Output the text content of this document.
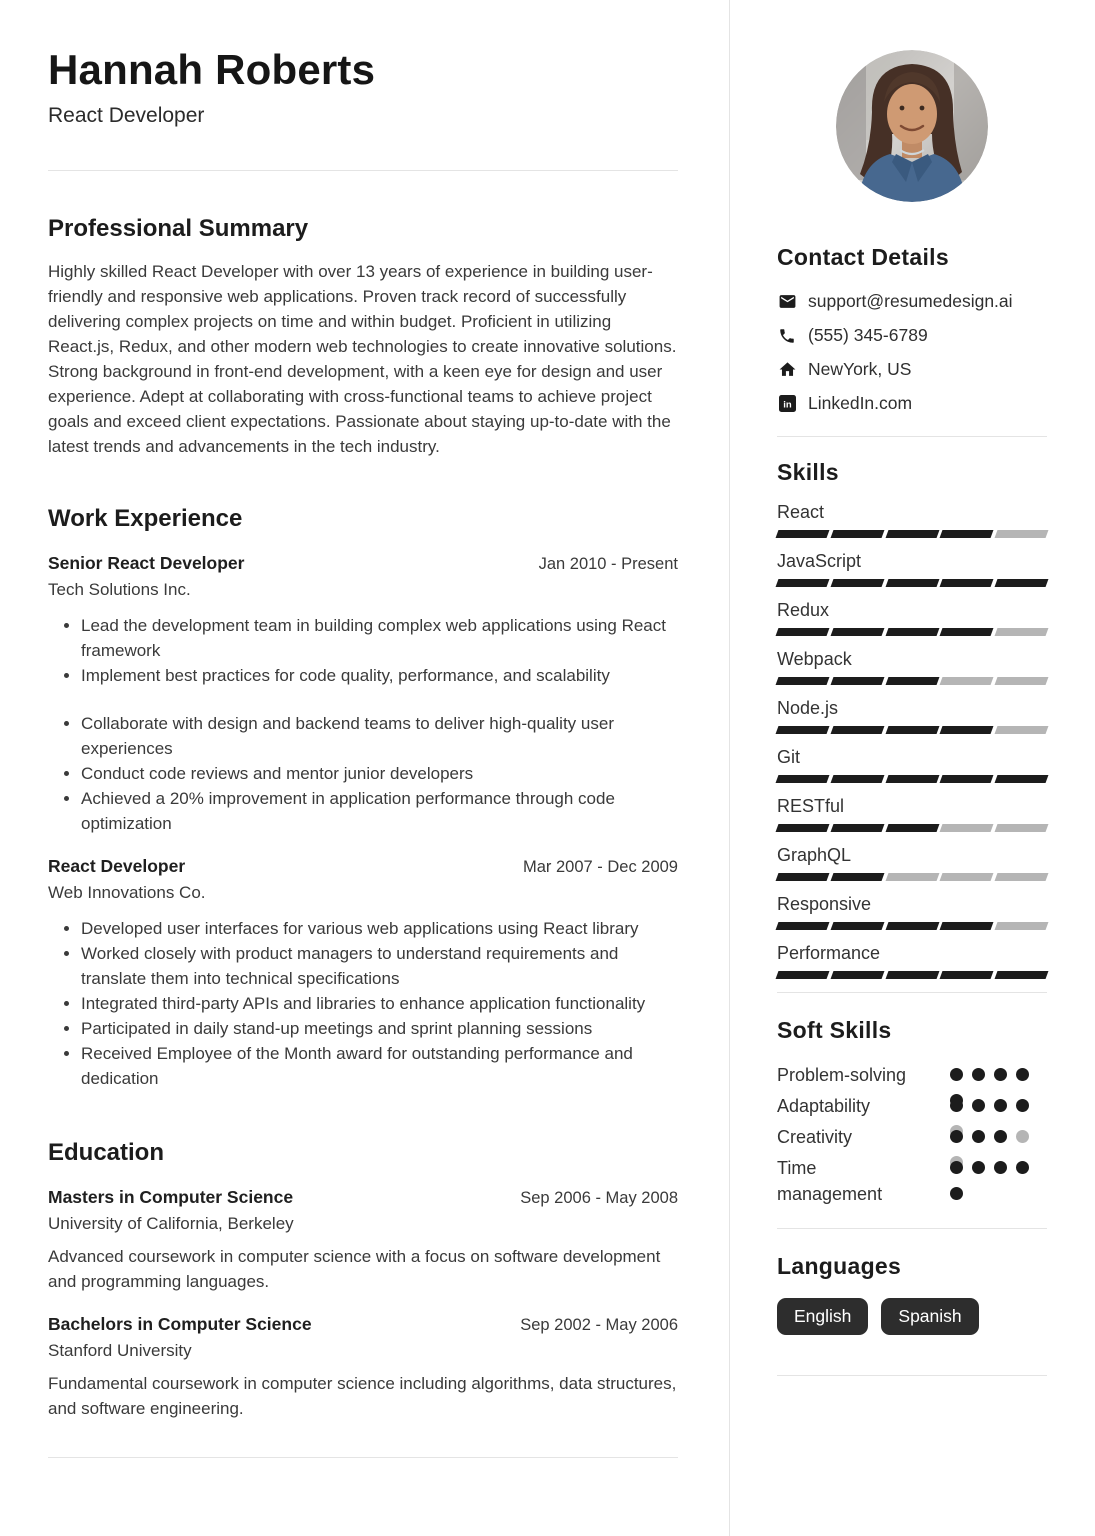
Hannah Roberts
React Developer
Professional Summary

Highly skilled React Developer with over 13 years of experience in building user-friendly and responsive web applications. Proven track record of successfully delivering complex projects on time and within budget. Proficient in utilizing React.js, Redux, and other modern web technologies to create innovative solutions. Strong background in front-end development, with a keen eye for design and user experience. Adept at collaborating with cross-functional teams to achieve project goals and exceed client expectations. Passionate about staying up-to-date with the latest trends and advancements in the tech industry.

Work Experience
Senior React Developer	Jan 2010 - Present
Tech Solutions Inc.
• Lead the development team in building complex web applications using React framework
• Implement best practices for code quality, performance, and scalability
• Collaborate with design and backend teams to deliver high-quality user experiences
• Conduct code reviews and mentor junior developers
• Achieved a 20% improvement in application performance through code optimization
React Developer	Mar 2007 - Dec 2009
Web Innovations Co.
• Developed user interfaces for various web applications using React library
• Worked closely with product managers to understand requirements and translate them into technical specifications
• Integrated third-party APIs and libraries to enhance application functionality
• Participated in daily stand-up meetings and sprint planning sessions
• Received Employee of the Month award for outstanding performance and dedication
Education
Masters in Computer Science	Sep 2006 - May 2008
University of California, Berkeley
Advanced coursework in computer science with a focus on software development and programming languages.
Bachelors in Computer Science	Sep 2002 - May 2006
Stanford University
Fundamental coursework in computer science including algorithms, data structures, and software engineering.
Contact Details
support@resumedesign.ai
(555) 345-6789
NewYork, US
in LinkedIn.com
Skills
React
JavaScript
Redux
Webpack
Node.js
Git
RESTful
GraphQL
Responsive
Performance
Soft Skills
Problem-solving
Adaptability
Creativity
Time management
Languages
English	Spanish
